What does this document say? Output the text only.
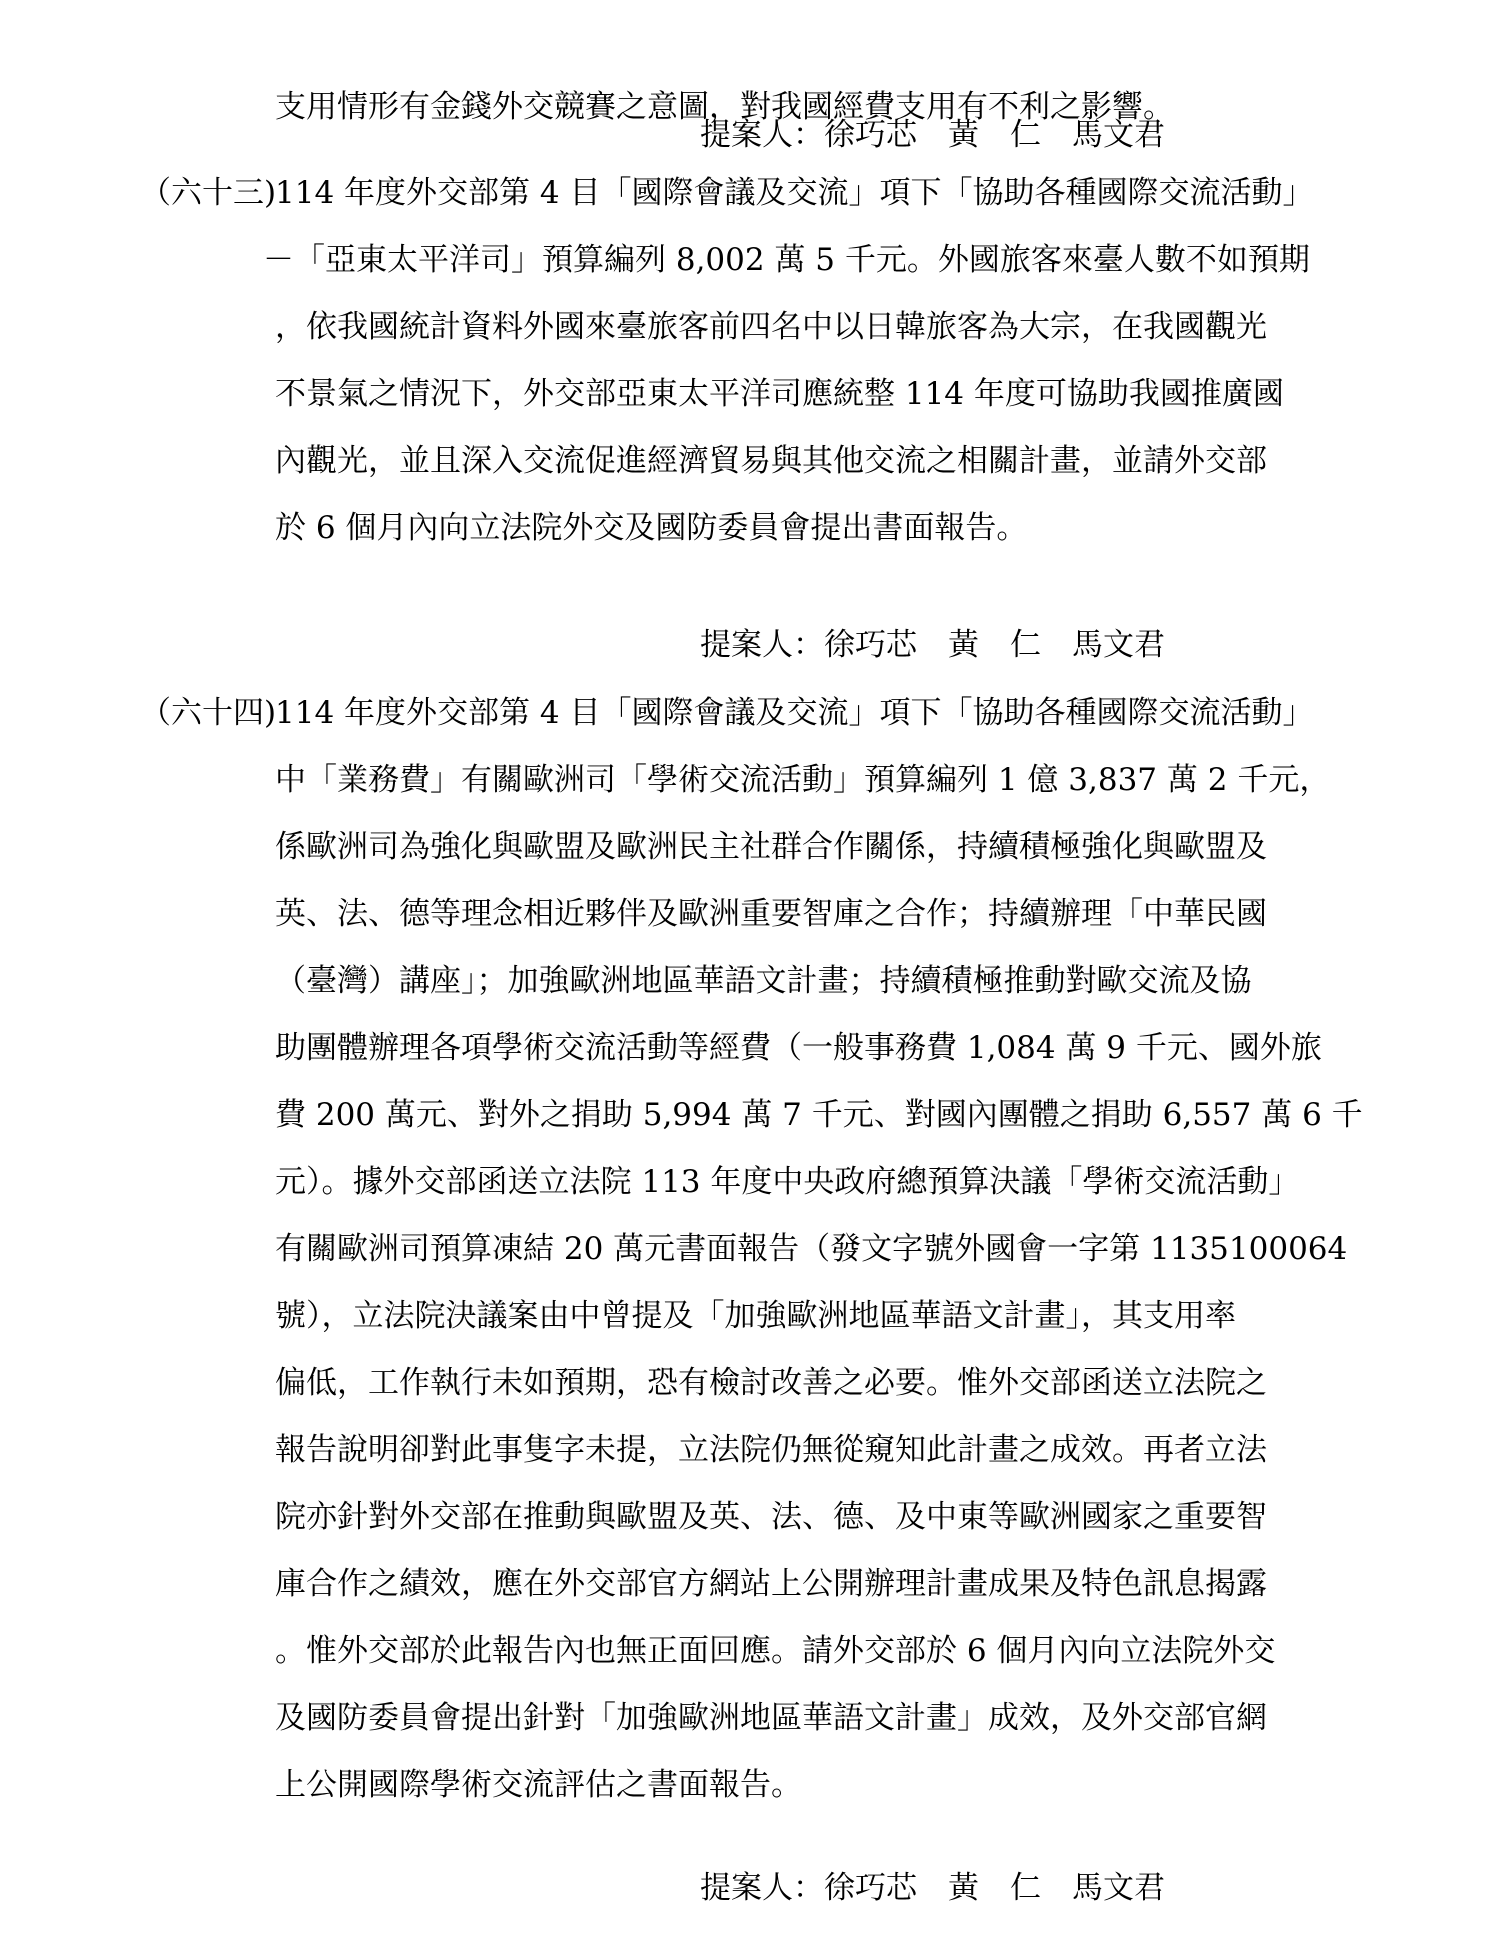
支用情形有金錢外交競賽之意圖，對我國經費支用有不利之影響。
提案人：徐巧芯　黃　仁　馬文君
（六十三)
114 年度外交部第 4 目「國際會議及交流」項下「協助各種國際交流活動」
－「亞東太平洋司」預算編列 8,002 萬 5 千元。外國旅客來臺人數不如預期
，依我國統計資料外國來臺旅客前四名中以日韓旅客為大宗，在我國觀光
不景氣之情況下，外交部亞東太平洋司應統整 114 年度可協助我國推廣國
內觀光，並且深入交流促進經濟貿易與其他交流之相關計畫，並請外交部
於 6 個月內向立法院外交及國防委員會提出書面報告。
提案人：徐巧芯　黃　仁　馬文君
（六十四)
114 年度外交部第 4 目「國際會議及交流」項下「協助各種國際交流活動」
中「業務費」有關歐洲司「學術交流活動」預算編列 1 億 3,837 萬 2 千元，
係歐洲司為強化與歐盟及歐洲民主社群合作關係，持續積極強化與歐盟及
英、法、德等理念相近夥伴及歐洲重要智庫之合作；持續辦理「中華民國
（臺灣）講座」；加強歐洲地區華語文計畫；持續積極推動對歐交流及協
助團體辦理各項學術交流活動等經費（一般事務費 1,084 萬 9 千元、國外旅
費 200 萬元、對外之捐助 5,994 萬 7 千元、對國內團體之捐助 6,557 萬 6 千
元）。據外交部函送立法院 113 年度中央政府總預算決議「學術交流活動」
有關歐洲司預算凍結 20 萬元書面報告（發文字號外國會一字第 1135100064
號），立法院決議案由中曾提及「加強歐洲地區華語文計畫」，其支用率
偏低，工作執行未如預期，恐有檢討改善之必要。惟外交部函送立法院之
報告說明卻對此事隻字未提，立法院仍無從窺知此計畫之成效。再者立法
院亦針對外交部在推動與歐盟及英、法、德、及中東等歐洲國家之重要智
庫合作之績效，應在外交部官方網站上公開辦理計畫成果及特色訊息揭露
。惟外交部於此報告內也無正面回應。請外交部於 6 個月內向立法院外交
及國防委員會提出針對「加強歐洲地區華語文計畫」成效，及外交部官網
上公開國際學術交流評估之書面報告。
提案人：徐巧芯　黃　仁　馬文君
